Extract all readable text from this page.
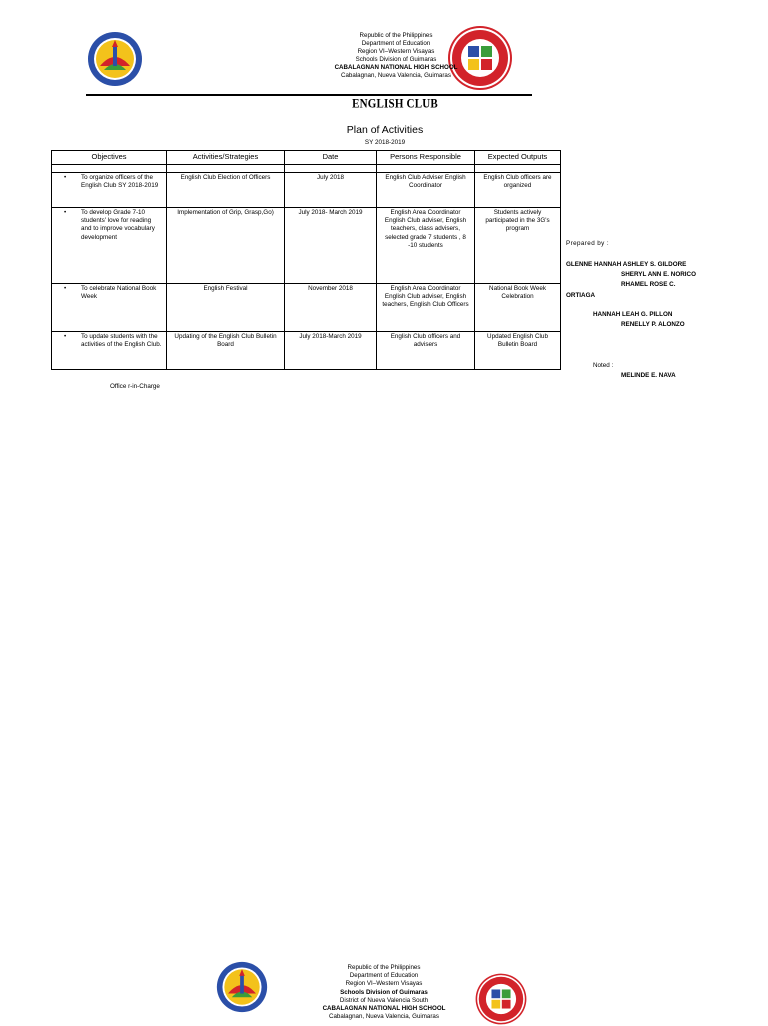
Republic of the Philippines
Department of Education
Region VI–Western Visayas
Schools Division of Guimaras
CABALAGNAN NATIONAL HIGH SCHOOL
Cabalagnan, Nueva Valencia, Guimaras
ENGLISH CLUB
Plan of Activities
SY 2018-2019
Objectives	Activities/Strategies	Date	Persons Responsible	Expected Outputs

• To organize officers of the English Club SY 2018-2019	English Club Election of Officers	July 2018	English Club Adviser English Coordinator	English Club officers are organized

• To develop Grade 7-10 students' love for reading and to improve vocabulary development	Implementation of Grip, Grasp,Go)	July 2018- March 2019	English Area Coordinator English Club adviser, English teachers, class advisers, selected grade 7 students , 8 -10 students	Students actively participated in the 3G's program

• To celebrate National Book Week	English Festival	November 2018	English Area Coordinator English Club adviser, English teachers, English Club Officers	National Book Week Celebration

• To update students with the activities of the English Club.	Updating of the English Club Bulletin Board	July 2018-March 2019	English Club officers and advisers	Updated English Club Bulletin Board
Prepared by :
GLENNE HANNAH ASHLEY S. GILDORE
SHERYL ANN E. NORICO
RHAMEL ROSE C.
ORTIAGA
HANNAH LEAH G. PILLON
RENELLY P. ALONZO
Noted :
MELINDE E. NAVA
Office r-in-Charge
Republic of the Philippines
Department of Education
Region VI–Western Visayas
Schools Division of Guimaras
District of Nueva Valencia South
CABALAGNAN NATIONAL HIGH SCHOOL
Cabalagnan, Nueva Valencia, Guimaras
